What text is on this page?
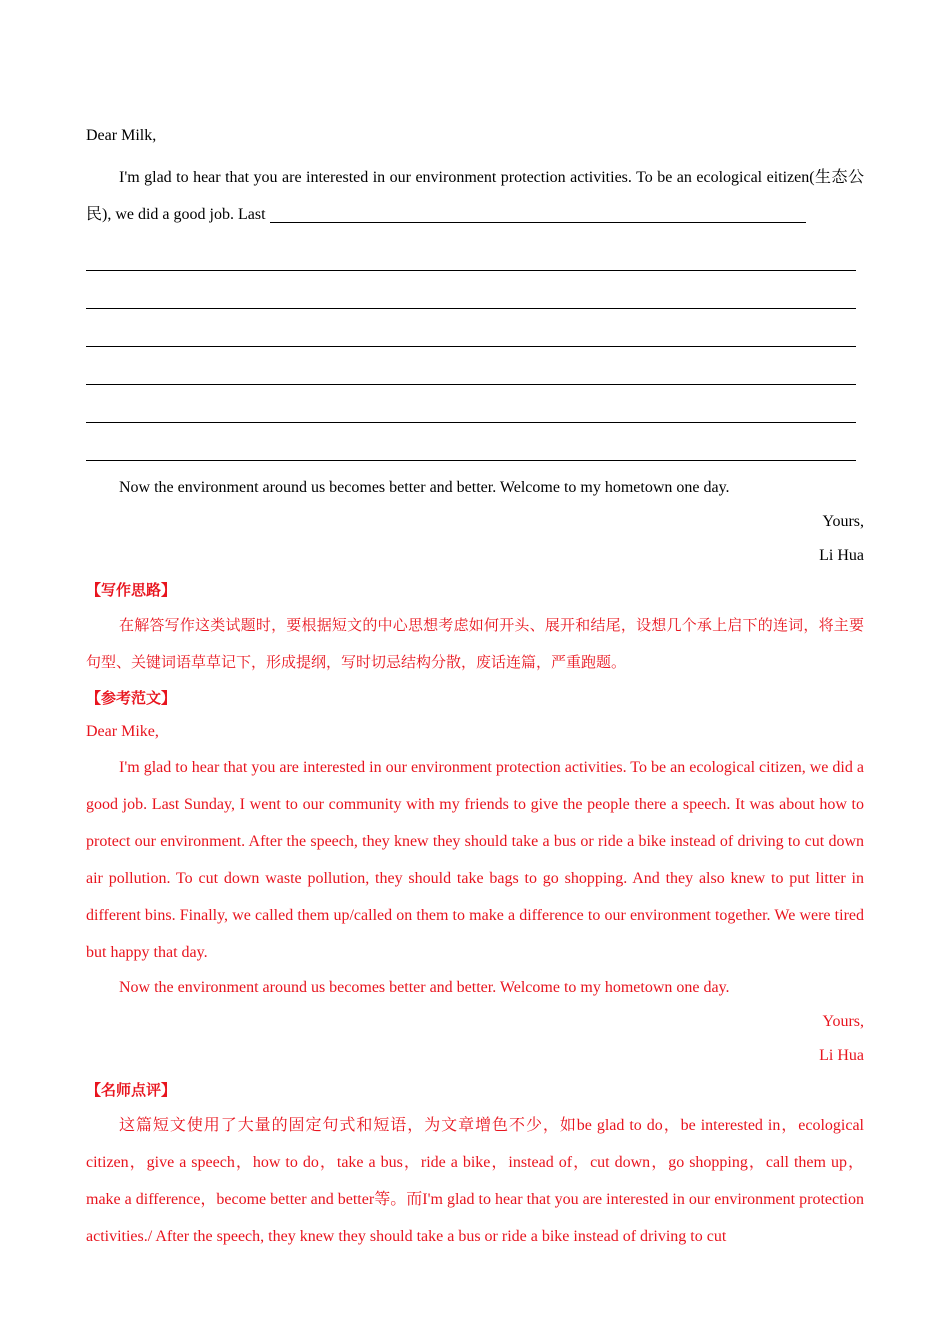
Dear Milk,

I'm glad to hear that you are interested in our environment protection activities. To be an ecological eitizen(生态公民), we did a good job. Last

Now the environment around us becomes better and better. Welcome to my hometown one day.

Yours,

Li Hua

【写作思路】

在解答写作这类试题时，要根据短文的中心思想考虑如何开头、展开和结尾，设想几个承上启下的连词，将主要句型、关键词语草草记下，形成提纲，写时切忌结构分散，废话连篇，严重跑题。

【参考范文】

Dear Mike,

I'm glad to hear that you are interested in our environment protection activities. To be an ecological citizen, we did a good job. Last Sunday, I went to our community with my friends to give the people there a speech. It was about how to protect our environment. After the speech, they knew they should take a bus or ride a bike instead of driving to cut down air pollution. To cut down waste pollution, they should take bags to go shopping. And they also knew to put litter in different bins. Finally, we called them up/called on them to make a difference to our environment together. We were tired but happy that day.

Now the environment around us becomes better and better. Welcome to my hometown one day.

Yours,

Li Hua

【名师点评】

这篇短文使用了大量的固定句式和短语，为文章增色不少，如be glad to do，be interested in，ecological citizen，give a speech，how to do，take a bus，ride a bike，instead of，cut down，go shopping，call them up，make a difference，become better and better等。而I'm glad to hear that you are interested in our environment protection activities./ After the speech, they knew they should take a bus or ride a bike instead of driving to cut
